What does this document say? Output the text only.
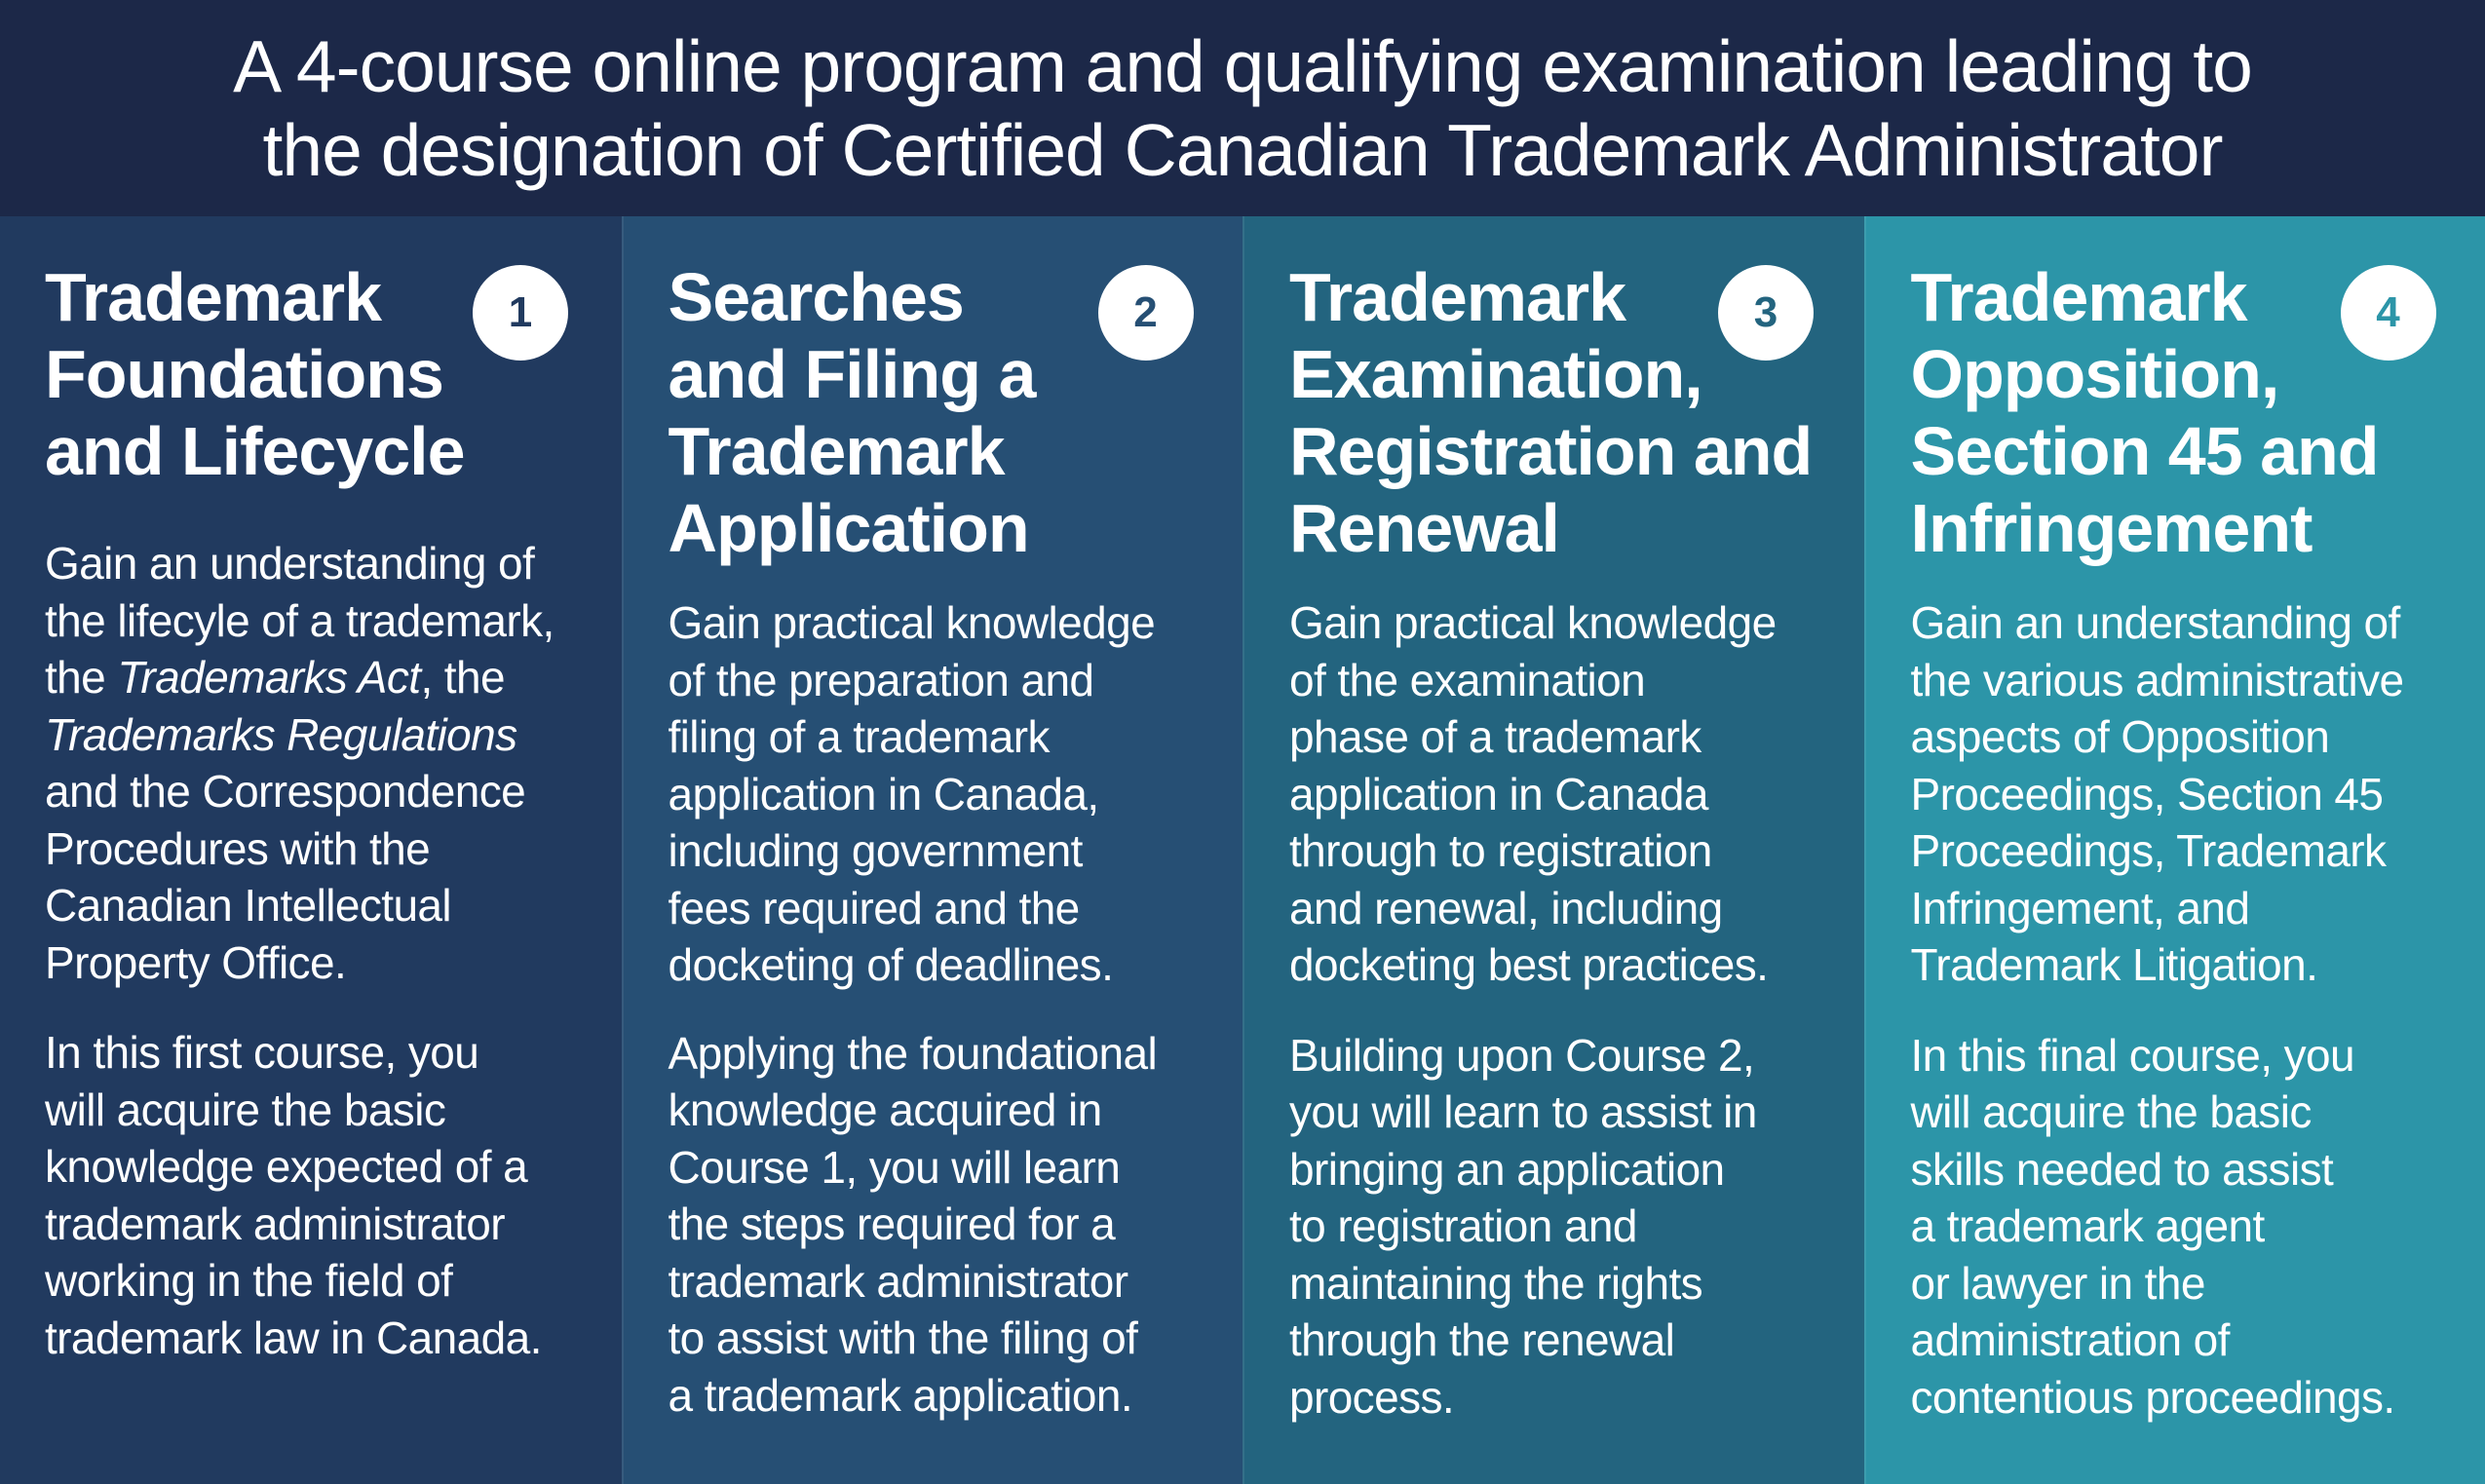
A 4-course online program and qualifying examination leading to
the designation of Certified Canadian Trademark Administrator
Trademark
Foundations
and Lifecycle
1

Gain an understanding of
the lifecyle of a trademark,
the Trademarks Act, the
Trademarks Regulations
and the Correspondence
Procedures with the
Canadian Intellectual
Property Office.

In this first course, you
will acquire the basic
knowledge expected of a
trademark administrator
working in the field of
trademark law in Canada.

Searches
and Filing a
Trademark
Application
2

Gain practical knowledge
of the preparation and
filing of a trademark
application in Canada,
including government
fees required and the
docketing of deadlines.

Applying the foundational
knowledge acquired in
Course 1, you will learn
the steps required for a
trademark administrator
to assist with the filing of
a trademark application.

Trademark
Examination,
Registration and
Renewal
3

Gain practical knowledge
of the examination
phase of a trademark
application in Canada
through to registration
and renewal, including
docketing best practices.

Building upon Course 2,
you will learn to assist in
bringing an application
to registration and
maintaining the rights
through the renewal
process.

Trademark
Opposition,
Section 45 and
Infringement
4

Gain an understanding of
the various administrative
aspects of Opposition
Proceedings, Section 45
Proceedings, Trademark
Infringement, and
Trademark Litigation.

In this final course, you
will acquire the basic
skills needed to assist
a trademark agent
or lawyer in the
administration of
contentious proceedings.
